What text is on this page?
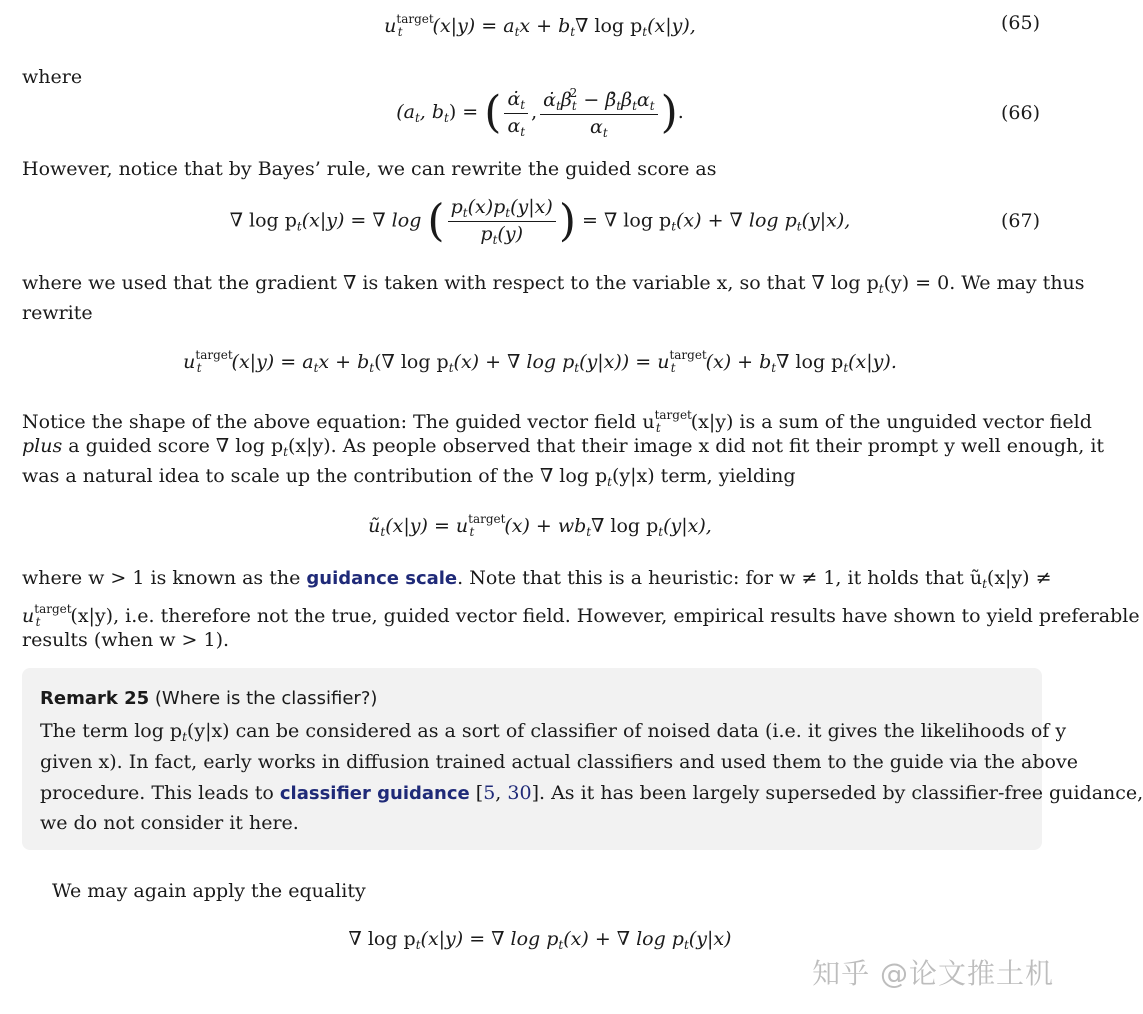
$u^{target}_t$ $(x|y) = a_tx + b_t\nabla$ $\log p_t(x|y)$,	(65)
where
($a_t$, $b_t$) = ( $\frac{\alphȧ_t}{\alpha_t}$ , $\frac{\alphȧ_t\beta_t^2 - \betȧ_t\beta_t\alpha_t}{\alpha_t}$ ).	(66)
However, notice that by Bayes’ rule, we can rewrite the guided score as
∇ $\log p_t(x|y)$ = ∇ log ( $\frac{p_t(x)p_t(y|x)}{p_t(y)}$ ) = ∇ $\log p_t(x)$ + ∇ $\log p_t(y|x)$,	(67)
where we used that the gradient ∇ is taken with respect to the variable x, so that ∇ $\log p_t(y) = 0$. We may thus
rewrite
$u^{target}_t$ $(x|y) = a_tx + b_t(\nabla$ $\log p_t(x)$ + ∇ $\log p_t(y|x)) = u^{target}_t$ $(x) + b_t\nabla$ $\log p_t(x|y)$.
Notice the shape of the above equation: The guided vector field $u^{target}_t$ (x|y) is a sum of the unguided vector field
plus a guided score ∇ $\log p_t(x|y)$. As people observed that their image x did not fit their prompt y well enough, it
was a natural idea to scale up the contribution of the ∇ $\log p_t(y|x)$ term, yielding
$ũ_t(x|y) = u^{target}_t$ $(x) + wb_t\nabla$ $\log p_t(y|x)$,
where w > 1 is known as the guidance scale. Note that this is a heuristic: for w ≠ 1, it holds that $ũ_t(x|y)$ ≠
$u^{target}_t$ (x|y), i.e. therefore not the true, guided vector field. However, empirical results have shown to yield preferable
results (when w > 1).
Remark 25 (Where is the classifier?)
The term $\log p_t(y|x)$ can be considered as a sort of classifier of noised data (i.e. it gives the likelihoods of y
given x). In fact, early works in diffusion trained actual classifiers and used them to the guide via the above
procedure. This leads to classifier guidance [5, 30]. As it has been largely superseded by classifier-free guidance,
we do not consider it here.
We may again apply the equality
∇ $\log p_t(x|y)$ = ∇ $\log p_t(x)$ + ∇ $\log p_t(y|x)$
知乎 @论文推土机
